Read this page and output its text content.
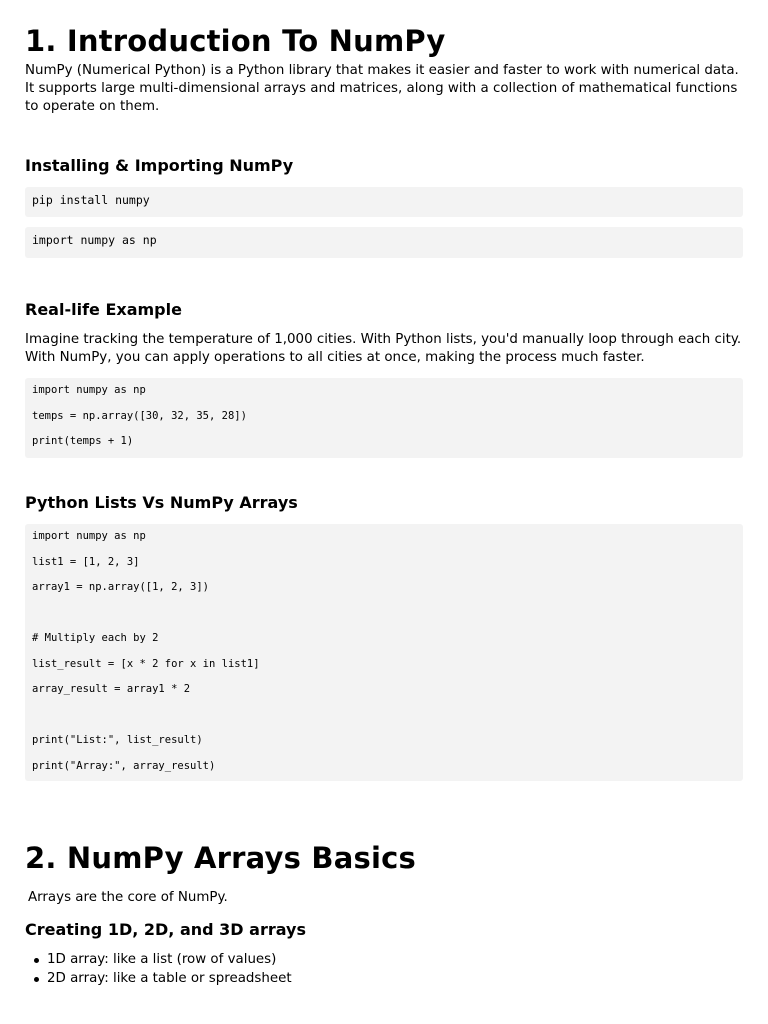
1. Introduction To NumPy
NumPy (Numerical Python) is a Python library that makes it easier and faster to work with numerical data. It supports large multi-dimensional arrays and matrices, along with a collection of mathematical functions to operate on them.
Installing & Importing NumPy
pip install numpy
import numpy as np
Real-life Example
Imagine tracking the temperature of 1,000 cities. With Python lists, you'd manually loop through each city. With NumPy, you can apply operations to all cities at once, making the process much faster.
import numpy as np
temps = np.array([30, 32, 35, 28])
print(temps + 1)
Python Lists Vs NumPy Arrays
import numpy as np
list1 = [1, 2, 3]
array1 = np.array([1, 2, 3])
# Multiply each by 2
list_result = [x * 2 for x in list1]
array_result = array1 * 2
print("List:", list_result)
print("Array:", array_result)
2. NumPy Arrays Basics
Arrays are the core of NumPy.
Creating 1D, 2D, and 3D arrays
1D array: like a list (row of values)
2D array: like a table or spreadsheet
